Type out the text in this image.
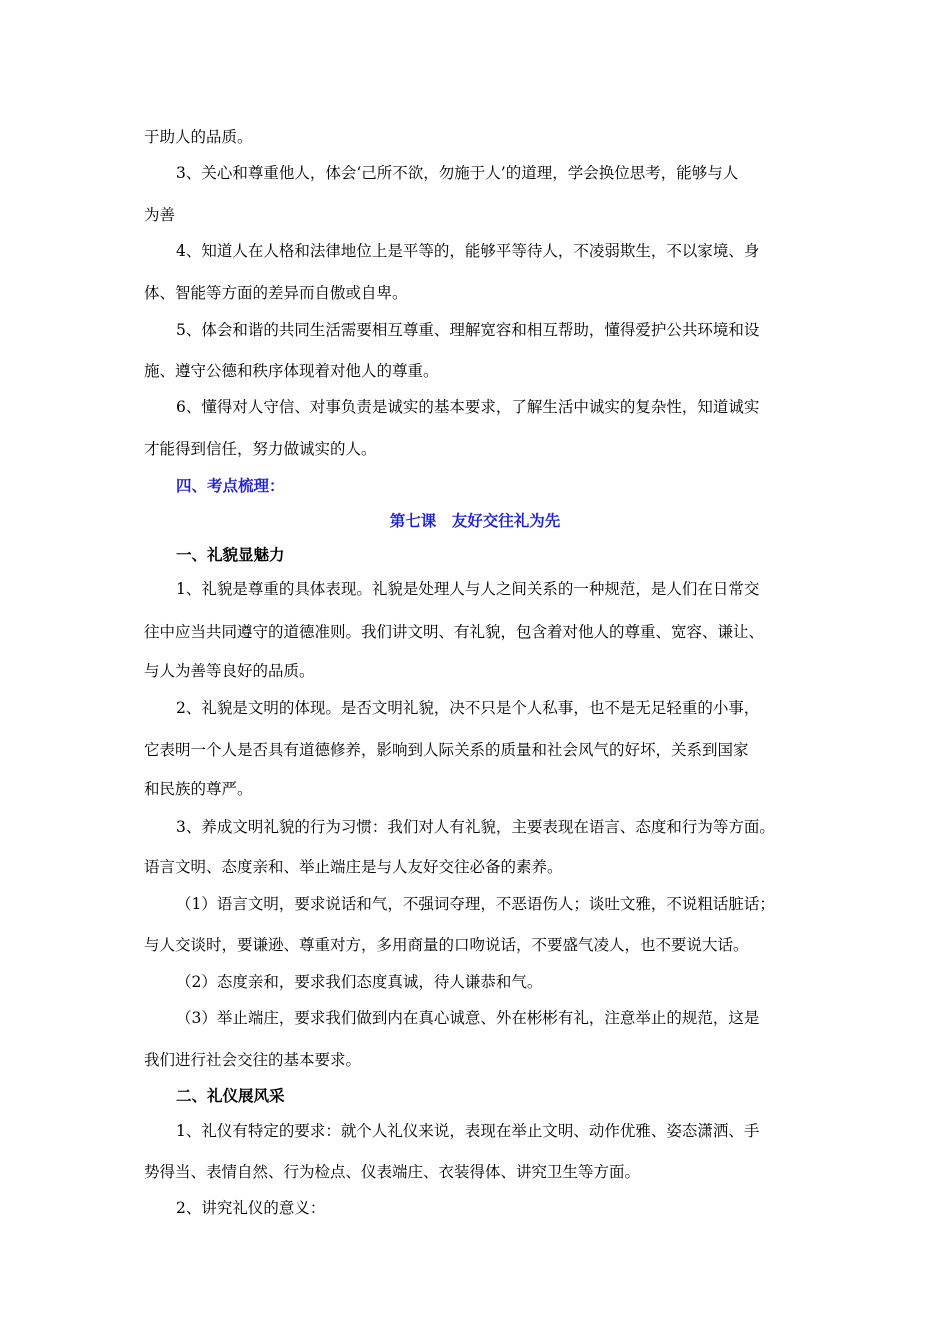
于助人的品质。
3、关心和尊重他人，体会‘己所不欲，勿施于人’的道理，学会换位思考，能够与人
为善
4、知道人在人格和法律地位上是平等的，能够平等待人，不凌弱欺生，不以家境、身
体、智能等方面的差异而自傲或自卑。
5、体会和谐的共同生活需要相互尊重、理解宽容和相互帮助，懂得爱护公共环境和设
施、遵守公德和秩序体现着对他人的尊重。
6、懂得对人守信、对事负责是诚实的基本要求，了解生活中诚实的复杂性，知道诚实
才能得到信任，努力做诚实的人。
四、考点梳理：
第七课　友好交往礼为先
一、礼貌显魅力
1、礼貌是尊重的具体表现。礼貌是处理人与人之间关系的一种规范，是人们在日常交
往中应当共同遵守的道德准则。我们讲文明、有礼貌，包含着对他人的尊重、宽容、谦让、
与人为善等良好的品质。
2、礼貌是文明的体现。是否文明礼貌，决不只是个人私事，也不是无足轻重的小事，
它表明一个人是否具有道德修养，影响到人际关系的质量和社会风气的好坏，关系到国家
和民族的尊严。
3、养成文明礼貌的行为习惯：我们对人有礼貌，主要表现在语言、态度和行为等方面。
语言文明、态度亲和、举止端庄是与人友好交往必备的素养。
（1）语言文明，要求说话和气，不强词夺理，不恶语伤人；谈吐文雅，不说粗话脏话；
与人交谈时，要谦逊、尊重对方，多用商量的口吻说话，不要盛气凌人，也不要说大话。
（2）态度亲和，要求我们态度真诚，待人谦恭和气。
（3）举止端庄，要求我们做到内在真心诚意、外在彬彬有礼，注意举止的规范，这是
我们进行社会交往的基本要求。
二、礼仪展风采
1、礼仪有特定的要求：就个人礼仪来说，表现在举止文明、动作优雅、姿态潇洒、手
势得当、表情自然、行为检点、仪表端庄、衣装得体、讲究卫生等方面。
2、讲究礼仪的意义：
